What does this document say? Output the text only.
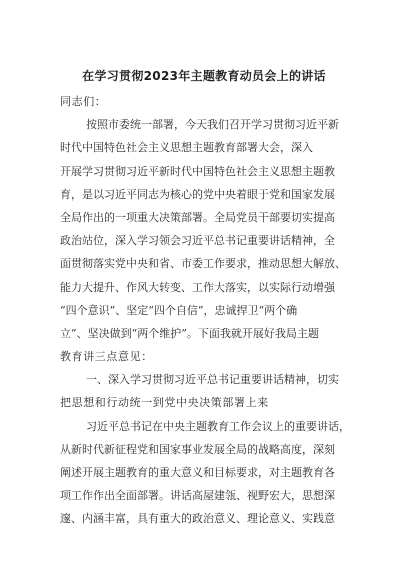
在学习贯彻2023年主题教育动员会上的讲话
同志们：
按照市委统一部署，今天我们召开学习贯彻习近平新
时代中国特色社会主义思想主题教育部署大会，深入
开展学习贯彻习近平新时代中国特色社会主义思想主题教
育，是以习近平同志为核心的党中央着眼于党和国家发展
全局作出的一项重大决策部署。全局党员干部要切实提高
政治站位，深入学习领会习近平总书记重要讲话精神，全
面贯彻落实党中央和省、市委工作要求，推动思想大解放、
能力大提升、作风大转变、工作大落实，以实际行动增强
“四个意识”、坚定“四个自信”，忠诚捍卫“两个确
立”、坚决做到“两个维护”。下面我就开展好我局主题
教育讲三点意见：
一、深入学习贯彻习近平总书记重要讲话精神，切实
把思想和行动统一到党中央决策部署上来
习近平总书记在中央主题教育工作会议上的重要讲话，
从新时代新征程党和国家事业发展全局的战略高度，深刻
阐述开展主题教育的重大意义和目标要求，对主题教育各
项工作作出全面部署。讲话高屋建瓴、视野宏大，思想深
邃、内涵丰富，具有重大的政治意义、理论意义、实践意
